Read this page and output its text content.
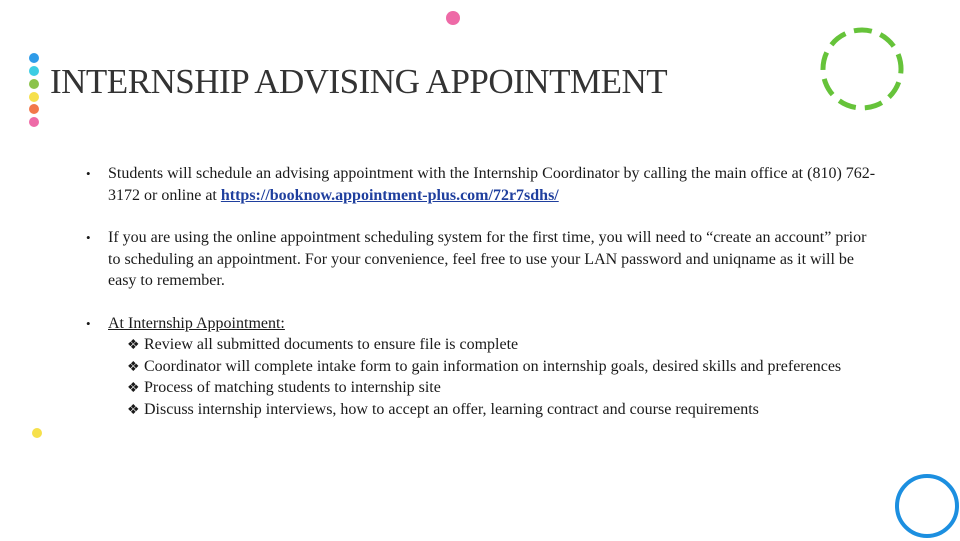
INTERNSHIP ADVISING APPOINTMENT
• Students will schedule an advising appointment with the Internship Coordinator by calling the main office at (810) 762-3172 or online at https://booknow.appointment-plus.com/72r7sdhs/
• If you are using the online appointment scheduling system for the first time, you will need to “create an account” prior to scheduling an appointment. For your convenience, feel free to use your LAN password and uniqname as it will be easy to remember.
• At Internship Appointment:
❖ Review all submitted documents to ensure file is complete
❖ Coordinator will complete intake form to gain information on internship goals, desired skills and preferences
❖ Process of matching students to internship site
❖ Discuss internship interviews, how to accept an offer, learning contract and course requirements
